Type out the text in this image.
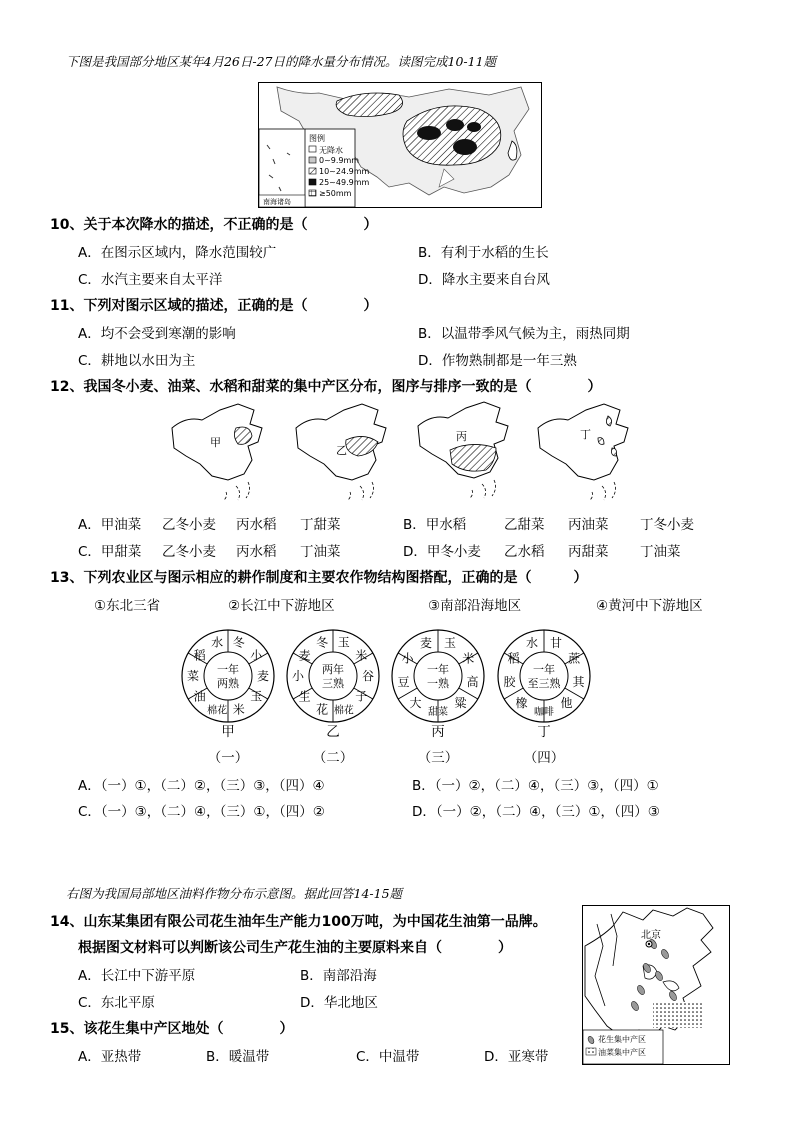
下图是我国部分地区某年4月26日-27日的降水量分布情况。读图完成10-11题
图例
无降水
0~9.9mm
10~24.9mm
25~49.9mm
≥50mm
南海诸岛
10、关于本次降水的描述，不正确的是（　　　　）
A．在图示区域内，降水范围较广	B．有利于水稻的生长
C．水汽主要来自太平洋	D．降水主要来自台风
11、下列对图示区域的描述，正确的是（　　　　）
A．均不会受到寒潮的影响	B．以温带季风气候为主，雨热同期
C．耕地以水田为主	D．作物熟制都是一年三熟
12、我国冬小麦、油菜、水稻和甜菜的集中产区分布，图序与排序一致的是（　　　　）
甲
乙
丙	丁
A．甲油菜 乙冬小麦 丙水稻 丁甜菜	B．甲水稻	乙甜菜 丙油菜 丁冬小麦
C．甲甜菜 乙冬小麦 丙水稻 丁油菜	D．甲冬小麦 乙水稻 丙甜菜 丁油菜
13、下列农业区与图示相应的耕作制度和主要农作物结构图搭配，正确的是（　　　）
①东北三省	②长江中下游地区	③南部沿海地区	④黄河中下游地区
冬
小
麦
玉
米
棉花
油
菜
稻
水
一年
两熟
甲
（一）
玉
米
谷
子
棉花
花
生
小
麦
冬
两年
三熟
乙
（二）
玉
米
高
粱
甜菜
大
豆
小
麦
一年
一熟
丙
（三）
甘
蔗
其
他
咖啡
橡
胶
稻
水
一年
至三熟
丁
（四）
A．（一）①，（二）②，（三）③，（四）④	B．（一）②，（二）④，（三）③，（四）①
C．（一）③，（二）④，（三）①，（四）②	D．（一）②，（二）④，（三）①，（四）③
右图为我国局部地区油料作物分布示意图。据此回答14-15题
14、山东某集团有限公司花生油年生产能力100万吨，为中国花生油第一品牌。
根据图文材料可以判断该公司生产花生油的主要原料来自（　　　　）
A．长江中下游平原	B．南部沿海
C．东北平原	D．华北地区
15、该花生集中产区地处（　　　　）
A．亚热带	B．暖温带	C．中温带	D．亚寒带
北京
花生集中产区
油菜集中产区
